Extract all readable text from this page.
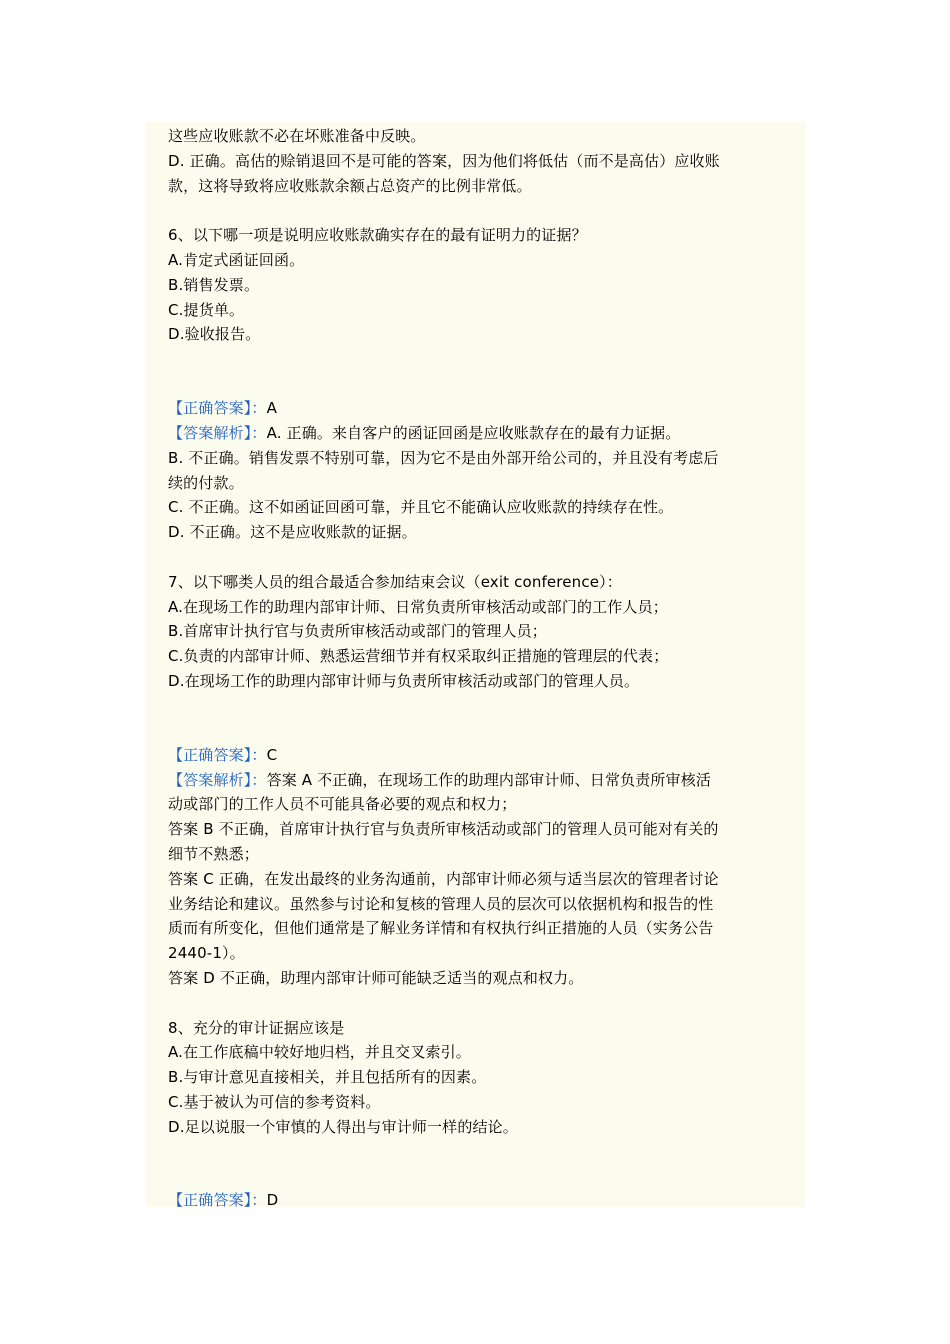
这些应收账款不必在坏账准备中反映。
D. 正确。高估的赊销退回不是可能的答案，因为他们将低估（而不是高估）应收账
款，这将导致将应收账款余额占总资产的比例非常低。
6、以下哪一项是说明应收账款确实存在的最有证明力的证据？
A.肯定式函证回函。
B.销售发票。
C.提货单。
D.验收报告。
【正确答案】：A
【答案解析】：A. 正确。来自客户的函证回函是应收账款存在的最有力证据。
B. 不正确。销售发票不特别可靠，因为它不是由外部开给公司的，并且没有考虑后
续的付款。
C. 不正确。这不如函证回函可靠，并且它不能确认应收账款的持续存在性。
D. 不正确。这不是应收账款的证据。
7、以下哪类人员的组合最适合参加结束会议（exit conference）：
A.在现场工作的助理内部审计师、日常负责所审核活动或部门的工作人员；
B.首席审计执行官与负责所审核活动或部门的管理人员；
C.负责的内部审计师、熟悉运营细节并有权采取纠正措施的管理层的代表；
D.在现场工作的助理内部审计师与负责所审核活动或部门的管理人员。
【正确答案】：C
【答案解析】：答案 A 不正确，在现场工作的助理内部审计师、日常负责所审核活
动或部门的工作人员不可能具备必要的观点和权力；
答案 B 不正确，首席审计执行官与负责所审核活动或部门的管理人员可能对有关的
细节不熟悉；
答案 C 正确，在发出最终的业务沟通前，内部审计师必须与适当层次的管理者讨论
业务结论和建议。虽然参与讨论和复核的管理人员的层次可以依据机构和报告的性
质而有所变化，但他们通常是了解业务详情和有权执行纠正措施的人员（实务公告
2440-1）。
答案 D 不正确，助理内部审计师可能缺乏适当的观点和权力。
8、充分的审计证据应该是
A.在工作底稿中较好地归档，并且交叉索引。
B.与审计意见直接相关，并且包括所有的因素。
C.基于被认为可信的参考资料。
D.足以说服一个审慎的人得出与审计师一样的结论。
【正确答案】：D
